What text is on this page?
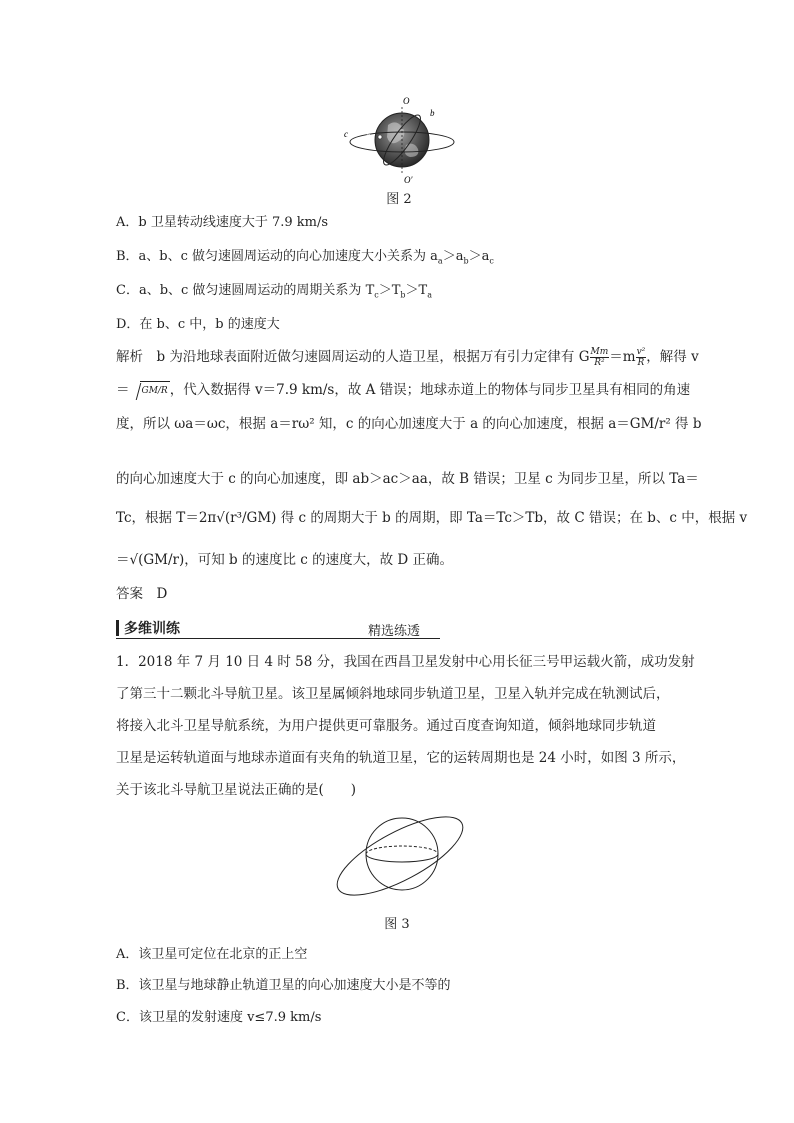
O
b
c a
O′
图 2
A．b 卫星转动线速度大于 7.9 km/s
B．a、b、c 做匀速圆周运动的向心加速度大小关系为 $a_a>a_b>a_c$
C．a、b、c 做匀速圆周运动的周期关系为 $T_c>T_b>T_a$
D．在 b、c 中，b 的速度大
解析　b 为沿地球表面附近做匀速圆周运动的人造卫星，根据万有引力定律有 G $\frac{Mm}{\text{R²}} =m \frac{\text{v²}}{R}$ ，解得 v
＝ GM/R ，代入数据得 v＝7.9 km/s，故 A 错误；地球赤道上的物体与同步卫星具有相同的角速
度，所以 ωa＝ωc，根据 a＝rω² 知，c 的向心加速度大于 a 的向心加速度，根据 a＝GM/r² 得 b
的向心加速度大于 c 的向心加速度，即 ab＞ac＞aa，故 B 错误；卫星 c 为同步卫星，所以 Ta＝
Tc，根据 T＝2π√(r³/GM) 得 c 的周期大于 b 的周期，即 Ta＝Tc＞Tb，故 C 错误；在 b、c 中，根据 v
＝√(GM/r)，可知 b 的速度比 c 的速度大，故 D 正确。
答案　D
多维训练	精选练透
1．2018 年 7 月 10 日 4 时 58 分，我国在西昌卫星发射中心用长征三号甲运载火箭，成功发射
了第三十二颗北斗导航卫星。该卫星属倾斜地球同步轨道卫星，卫星入轨并完成在轨测试后，
将接入北斗卫星导航系统，为用户提供更可靠服务。通过百度查询知道，倾斜地球同步轨道
卫星是运转轨道面与地球赤道面有夹角的轨道卫星，它的运转周期也是 24 小时，如图 3 所示，
关于该北斗导航卫星说法正确的是(　　)
图 3
A．该卫星可定位在北京的正上空
B．该卫星与地球静止轨道卫星的向心加速度大小是不等的
C．该卫星的发射速度 v≤7.9 km/s
